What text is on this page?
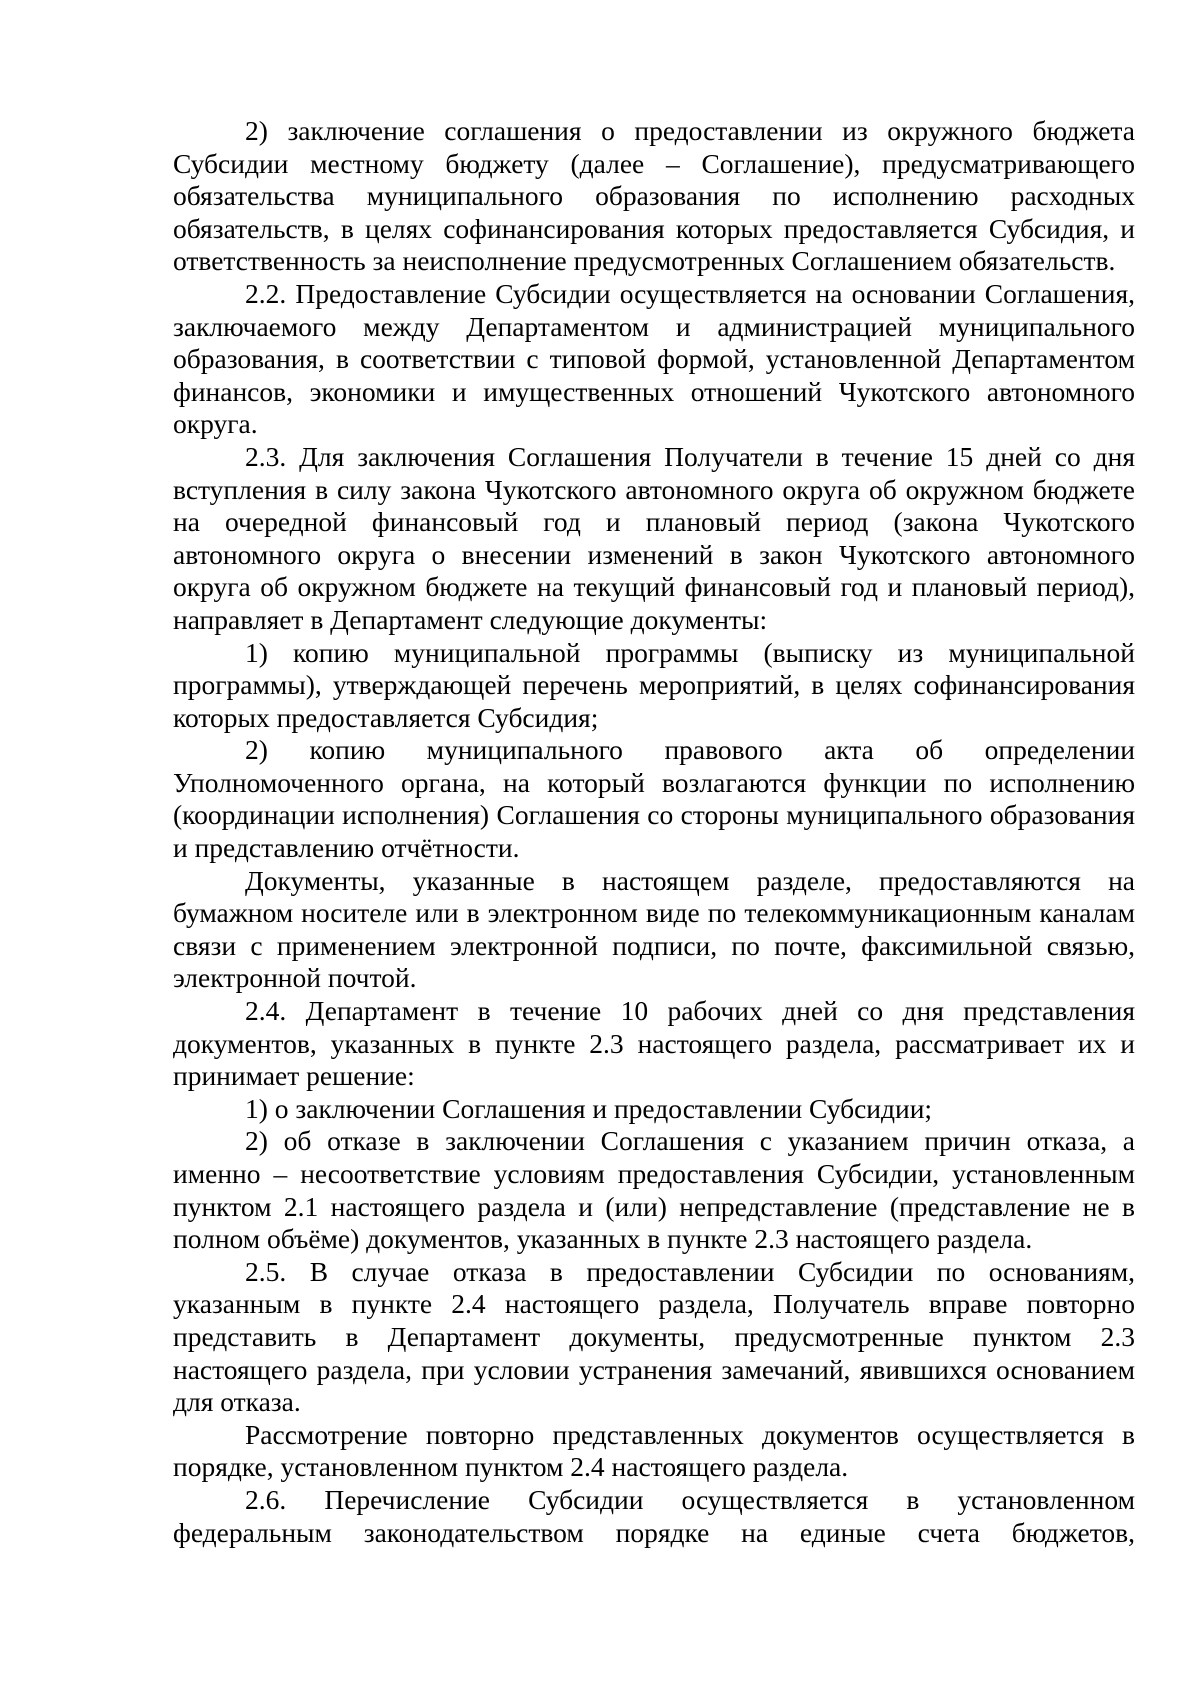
2) заключение соглашения о предоставлении из окружного бюджета Субсидии местному бюджету (далее – Соглашение), предусматривающего обязательства муниципального образования по исполнению расходных обязательств, в целях софинансирования которых предоставляется Субсидия, и ответственность за неисполнение предусмотренных Соглашением обязательств.

2.2. Предоставление Субсидии осуществляется на основании Соглашения, заключаемого между Департаментом и администрацией муниципального образования, в соответствии с типовой формой, установленной Департаментом финансов, экономики и имущественных отношений Чукотского автономного округа.

2.3. Для заключения Соглашения Получатели в течение 15 дней со дня вступления в силу закона Чукотского автономного округа об окружном бюджете на очередной финансовый год и плановый период (закона Чукотского автономного округа о внесении изменений в закон Чукотского автономного округа об окружном бюджете на текущий финансовый год и плановый период), направляет в Департамент следующие документы:

1) копию муниципальной программы (выписку из муниципальной программы), утверждающей перечень мероприятий, в целях софинансирования которых предоставляется Субсидия;

2) копию муниципального правового акта об определении Уполномоченного органа, на который возлагаются функции по исполнению (координации исполнения) Соглашения со стороны муниципального образования и представлению отчётности.

Документы, указанные в настоящем разделе, предоставляются на бумажном носителе или в электронном виде по телекоммуникационным каналам связи с применением электронной подписи, по почте, факсимильной связью, электронной почтой.

2.4. Департамент в течение 10 рабочих дней со дня представления документов, указанных в пункте 2.3 настоящего раздела, рассматривает их и принимает решение:

1) о заключении Соглашения и предоставлении Субсидии;

2) об отказе в заключении Соглашения с указанием причин отказа, а именно – несоответствие условиям предоставления Субсидии, установленным пунктом 2.1 настоящего раздела и (или) непредставление (представление не в полном объёме) документов, указанных в пункте 2.3 настоящего раздела.

2.5. В случае отказа в предоставлении Субсидии по основаниям, указанным в пункте 2.4 настоящего раздела, Получатель вправе повторно представить в Департамент документы, предусмотренные пунктом 2.3 настоящего раздела, при условии устранения замечаний, явившихся основанием для отказа.

Рассмотрение повторно представленных документов осуществляется в порядке, установленном пунктом 2.4 настоящего раздела.

2.6. Перечисление Субсидии осуществляется в установленном федеральным законодательством порядке на единые счета бюджетов,
